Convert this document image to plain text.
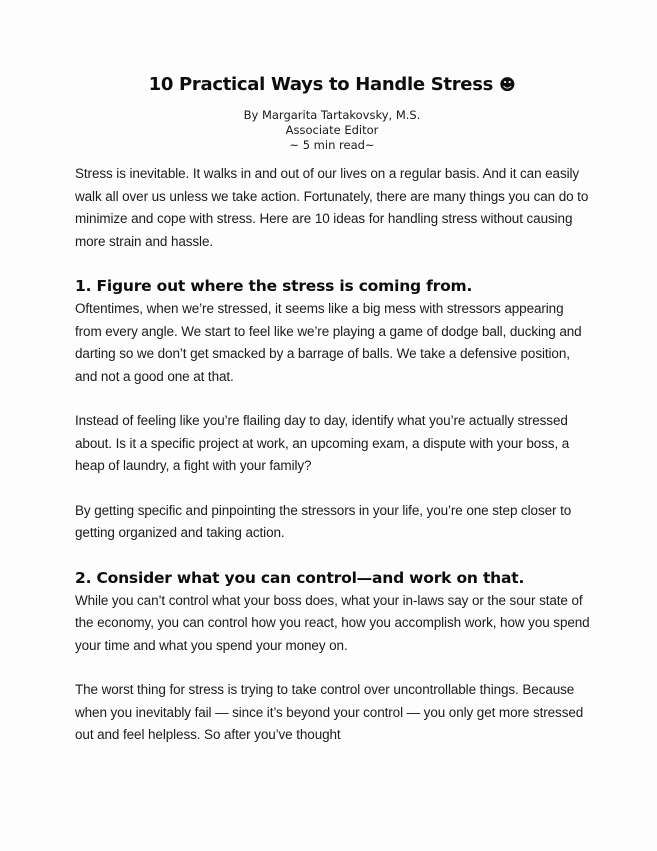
10 Practical Ways to Handle Stress ☻
By Margarita Tartakovsky, M.S.
Associate Editor
~ 5 min read~

Stress is inevitable. It walks in and out of our lives on a regular basis. And it can easily walk all over us unless we take action. Fortunately, there are many things you can do to minimize and cope with stress. Here are 10 ideas for handling stress without causing more strain and hassle.

1. Figure out where the stress is coming from.

Oftentimes, when we’re stressed, it seems like a big mess with stressors appearing from every angle. We start to feel like we’re playing a game of dodge ball, ducking and darting so we don’t get smacked by a barrage of balls. We take a defensive position, and not a good one at that.

Instead of feeling like you’re flailing day to day, identify what you’re actually stressed about. Is it a specific project at work, an upcoming exam, a dispute with your boss, a heap of laundry, a fight with your family?

By getting specific and pinpointing the stressors in your life, you’re one step closer to getting organized and taking action.

2. Consider what you can control—and work on that.

While you can’t control what your boss does, what your in-laws say or the sour state of the economy, you can control how you react, how you accomplish work, how you spend your time and what you spend your money on.

The worst thing for stress is trying to take control over uncontrollable things. Because when you inevitably fail — since it’s beyond your control — you only get more stressed out and feel helpless. So after you’ve thought
